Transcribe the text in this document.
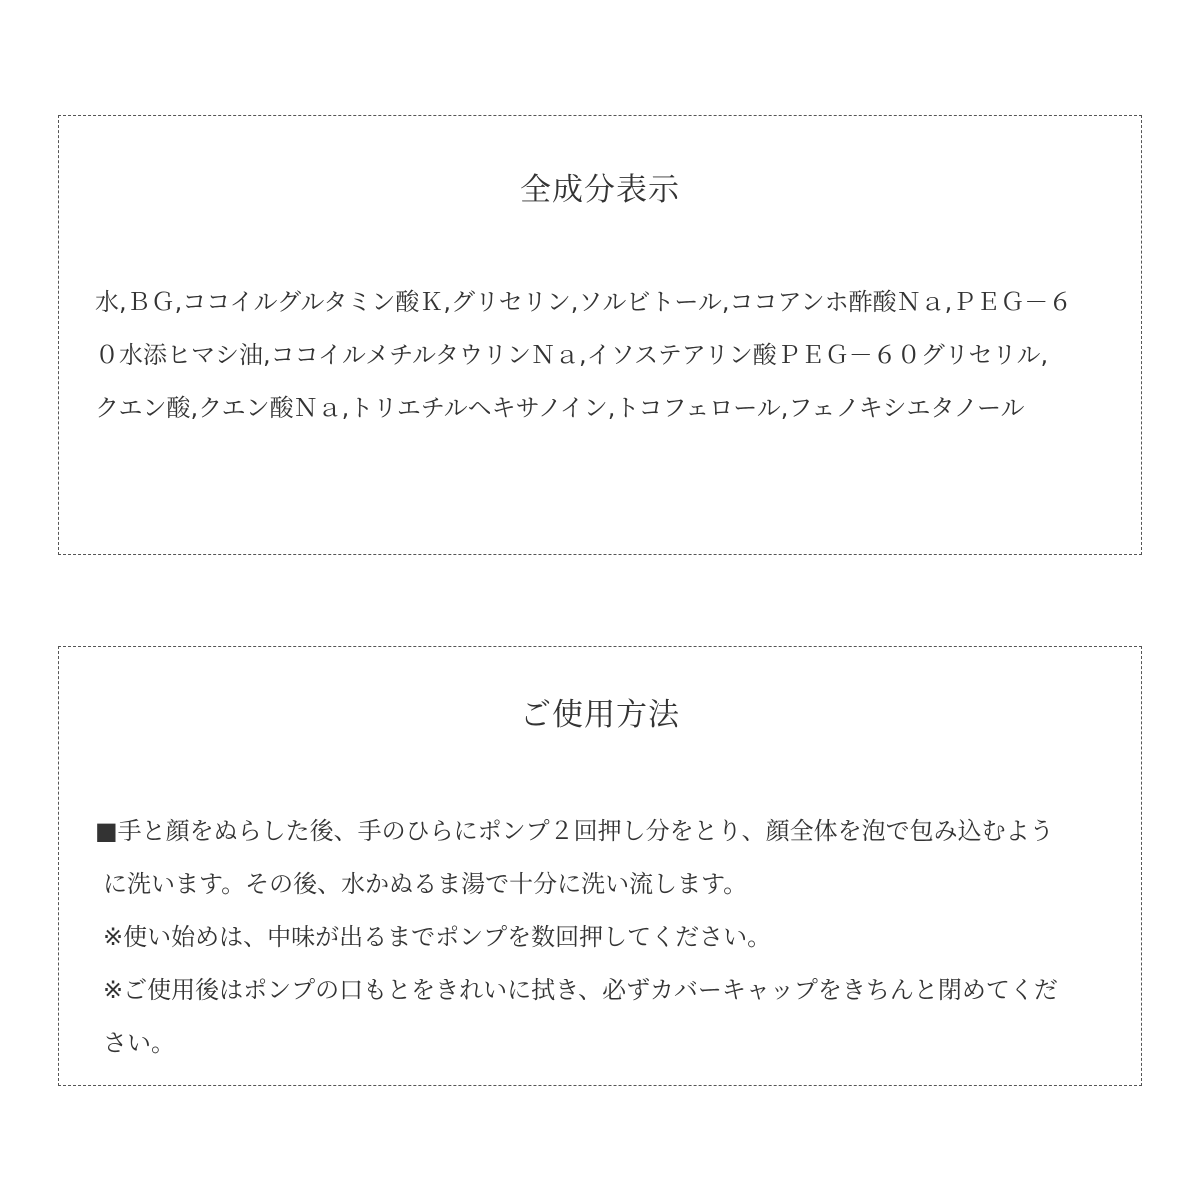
全成分表示

水,ＢＧ,ココイルグルタミン酸Ｋ,グリセリン,ソルビトール,ココアンホ酢酸Ｎａ,ＰＥＧ－６
０水添ヒマシ油,ココイルメチルタウリンＮａ,イソステアリン酸ＰＥＧ－６０グリセリル,
クエン酸,クエン酸Ｎａ,トリエチルヘキサノイン,トコフェロール,フェノキシエタノール

ご使用方法

■手と顔をぬらした後、手のひらにポンプ２回押し分をとり、顔全体を泡で包み込むよう
に洗います。その後、水かぬるま湯で十分に洗い流します。
※使い始めは、中味が出るまでポンプを数回押してください。
※ご使用後はポンプの口もとをきれいに拭き、必ずカバーキャップをきちんと閉めてくだ
さい。
